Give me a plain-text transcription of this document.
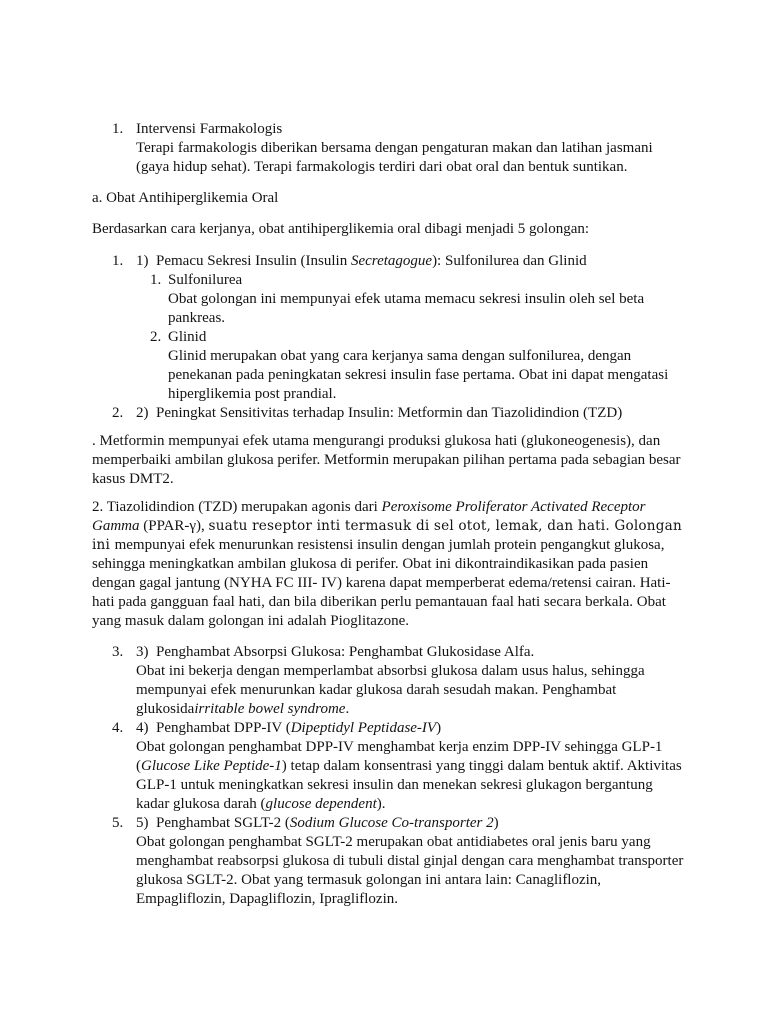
1. Intervensi Farmakologis
Terapi farmakologis diberikan bersama dengan pengaturan makan dan latihan jasmani (gaya hidup sehat). Terapi farmakologis terdiri dari obat oral dan bentuk suntikan.
a. Obat Antihiperglikemia Oral
Berdasarkan cara kerjanya, obat antihiperglikemia oral dibagi menjadi 5 golongan:
1. 1)  Pemacu Sekresi Insulin (Insulin Secretagogue): Sulfonilurea dan Glinid
1. Sulfonilurea
Obat golongan ini mempunyai efek utama memacu sekresi insulin oleh sel beta pankreas.
2. Glinid
Glinid merupakan obat yang cara kerjanya sama dengan sulfonilurea, dengan penekanan pada peningkatan sekresi insulin fase pertama. Obat ini dapat mengatasi hiperglikemia post prandial.
2. 2)  Peningkat Sensitivitas terhadap Insulin: Metformin dan Tiazolidindion (TZD)
. Metformin mempunyai efek utama mengurangi produksi glukosa hati (glukoneogenesis), dan memperbaiki ambilan glukosa perifer. Metformin merupakan pilihan pertama pada sebagian besar kasus DMT2.
2. Tiazolidindion (TZD) merupakan agonis dari Peroxisome Proliferator Activated Receptor Gamma (PPAR-γ), suatu reseptor inti termasuk di sel otot, lemak, dan hati. Golongan ini mempunyai efek menurunkan resistensi insulin dengan jumlah protein pengangkut glukosa, sehingga meningkatkan ambilan glukosa di perifer. Obat ini dikontraindikasikan pada pasien dengan gagal jantung (NYHA FC III- IV) karena dapat memperberat edema/retensi cairan. Hati-hati pada gangguan faal hati, dan bila diberikan perlu pemantauan faal hati secara berkala. Obat yang masuk dalam golongan ini adalah Pioglitazone.
3. 3)  Penghambat Absorpsi Glukosa: Penghambat Glukosidase Alfa.
Obat ini bekerja dengan memperlambat absorbsi glukosa dalam usus halus, sehingga mempunyai efek menurunkan kadar glukosa darah sesudah makan. Penghambat glukosidairritable bowel syndrome.
4. 4)  Penghambat DPP-IV (Dipeptidyl Peptidase-IV)
Obat golongan penghambat DPP-IV menghambat kerja enzim DPP-IV sehingga GLP-1 (Glucose Like Peptide-1) tetap dalam konsentrasi yang tinggi dalam bentuk aktif. Aktivitas GLP-1 untuk meningkatkan sekresi insulin dan menekan sekresi glukagon bergantung kadar glukosa darah (glucose dependent).
5. 5)  Penghambat SGLT-2 (Sodium Glucose Co-transporter 2)
Obat golongan penghambat SGLT-2 merupakan obat antidiabetes oral jenis baru yang menghambat reabsorpsi glukosa di tubuli distal ginjal dengan cara menghambat transporter glukosa SGLT-2. Obat yang termasuk golongan ini antara lain: Canagliflozin, Empagliflozin, Dapagliflozin, Ipragliflozin.
